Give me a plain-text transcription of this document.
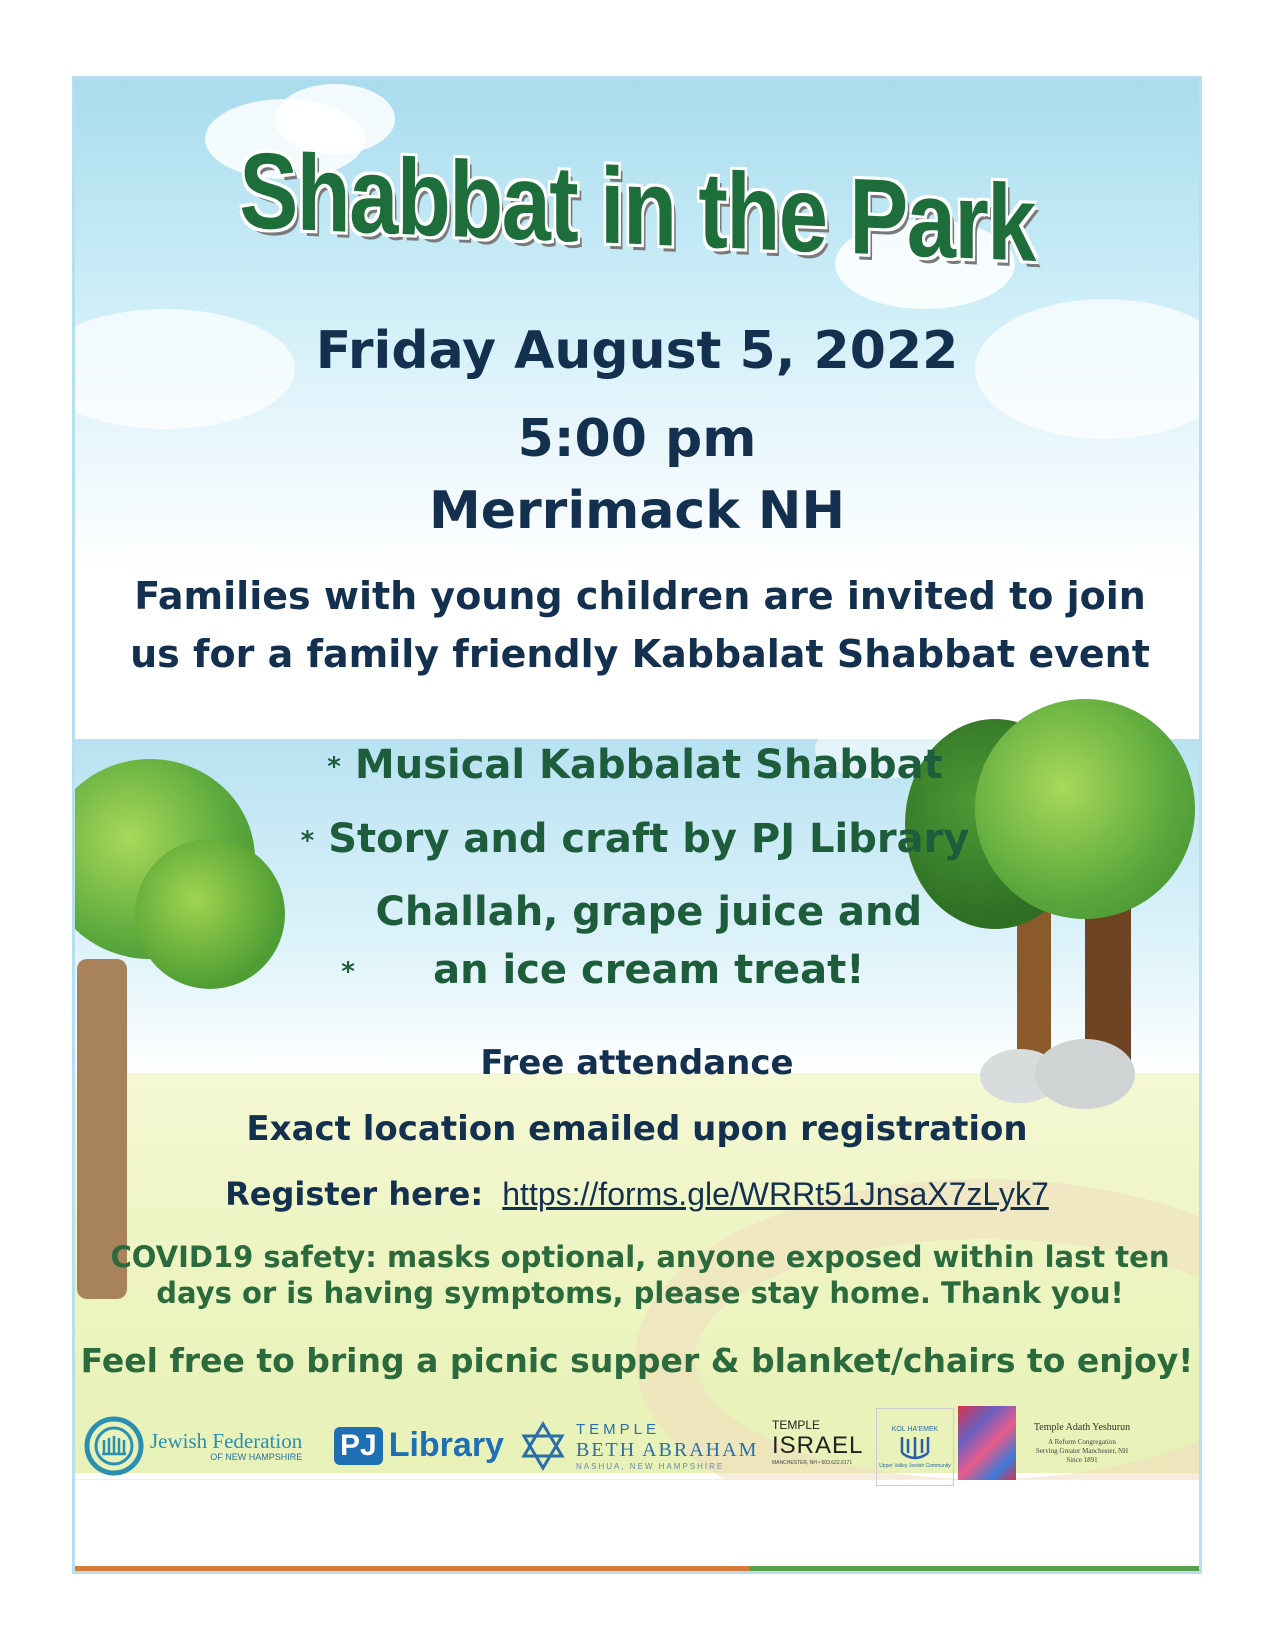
Shabbat in the Park
Friday August 5, 2022
5:00 pm
Merrimack NH
Families with young children are invited to join us for a family friendly Kabbalat Shabbat event
* Musical Kabbalat Shabbat
* Story and craft by PJ Library
*Challah, grape juice and an ice cream treat!
Free attendance
Exact location emailed upon registration
Register here: https://forms.gle/WRRt51JnsaX7zLyk7
COVID19 safety: masks optional, anyone exposed within last ten days or is having symptoms, please stay home. Thank you!
Feel free to bring a picnic supper & blanket/chairs to enjoy!
Jewish Federation
OF NEW HAMPSHIRE PJ Library	TEMPLE
BETH ABRAHAM
NASHUA, NEW HAMPSHIRE
TEMPLE
ISRAEL
MANCHESTER, NH • 603.622.6171
KOL HA'EMEK
Upper Valley Jewish Community
Temple Adath Yeshurun
A Reform Congregation
Serving Greater Manchester, NH
Since 1891
